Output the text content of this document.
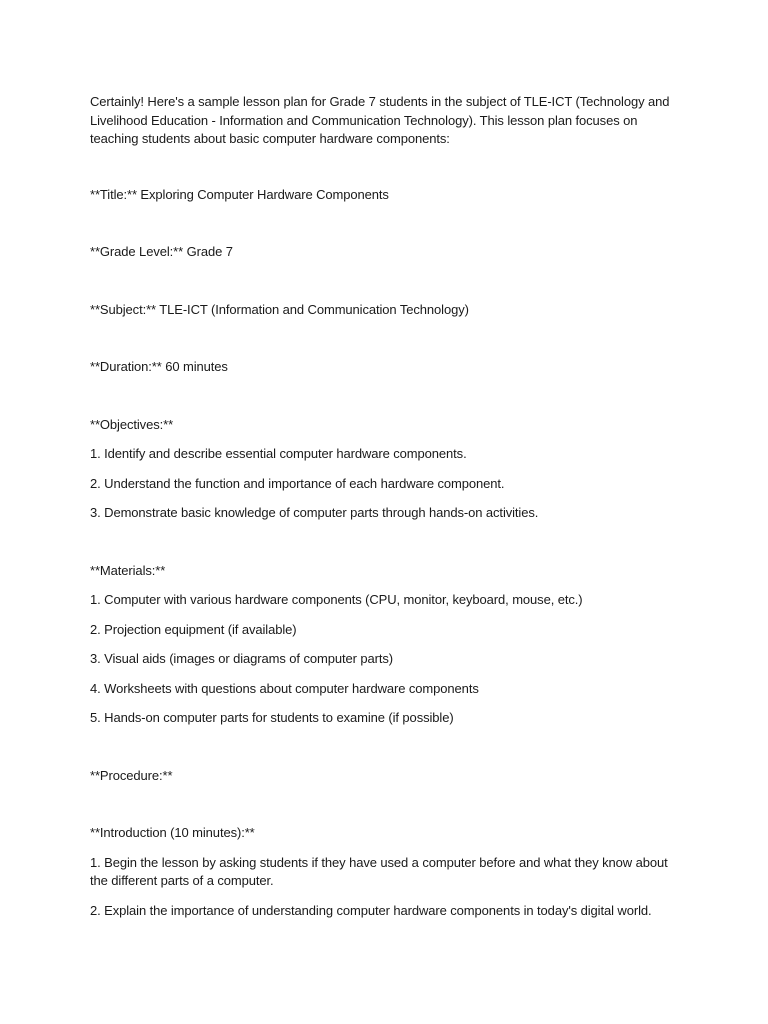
Certainly! Here's a sample lesson plan for Grade 7 students in the subject of TLE-ICT (Technology and Livelihood Education - Information and Communication Technology). This lesson plan focuses on teaching students about basic computer hardware components:

**Title:** Exploring Computer Hardware Components

**Grade Level:** Grade 7

**Subject:** TLE-ICT (Information and Communication Technology)

**Duration:** 60 minutes

**Objectives:**

1. Identify and describe essential computer hardware components.

2. Understand the function and importance of each hardware component.

3. Demonstrate basic knowledge of computer parts through hands-on activities.

**Materials:**

1. Computer with various hardware components (CPU, monitor, keyboard, mouse, etc.)

2. Projection equipment (if available)

3. Visual aids (images or diagrams of computer parts)

4. Worksheets with questions about computer hardware components

5. Hands-on computer parts for students to examine (if possible)

**Procedure:**

**Introduction (10 minutes):**

1. Begin the lesson by asking students if they have used a computer before and what they know about the different parts of a computer.

2. Explain the importance of understanding computer hardware components in today's digital world.
